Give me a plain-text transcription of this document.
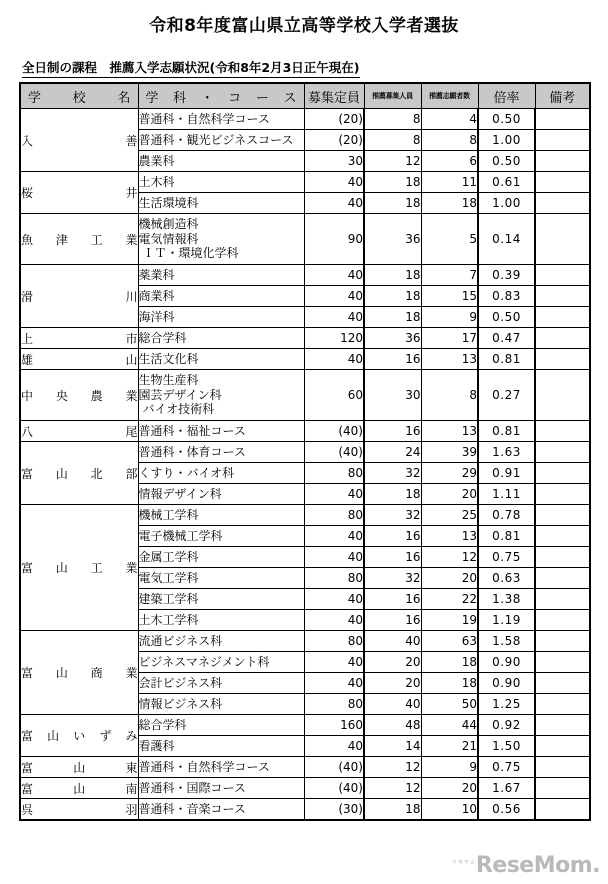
令和8年度富山県立高等学校入学者選抜
全日制の課程　推薦入学志願状況(令和8年2月3日正午現在)
学　　校　　名	学　科　・　コ　ー　ス	募集定員	推薦募集人員	推薦志願者数	倍率	備考

入　　　　善	普通科・自然科学コース	(20)	8	4	0.50	

	普通科・観光ビジネスコース	(20)	8	8	1.00	

	農業科	30	12	6	0.50	

桜　　　　井	土木科	40	18	11	0.61	

	生活環境科	40	18	18	1.00	

魚　津　工　業	機械創造科
電気情報科
ＩＴ・環境化学科	90	36	5	0.14	

滑　　　　川	薬業科	40	18	7	0.39	

	商業科	40	18	15	0.83	

	海洋科	40	18	9	0.50	

上　　　　市	総合学科	120	36	17	0.47	

雄　　　　山	生活文化科	40	16	13	0.81	

中　央　農　業	生物生産科
園芸デザイン科
バイオ技術科	60	30	8	0.27	

八　　　　尾	普通科・福祉コース	(40)	16	13	0.81	

富　山　北　部	普通科・体育コース	(40)	24	39	1.63	

	くすり・バイオ科	80	32	29	0.91	

	情報デザイン科	40	18	20	1.11	

富　山　工　業	機械工学科	80	32	25	0.78	

	電子機械工学科	40	16	13	0.81	

	金属工学科	40	16	12	0.75	

	電気工学科	80	32	20	0.63	

	建築工学科	40	16	22	1.38	

	土木工学科	40	16	19	1.19	

富　山　商　業	流通ビジネス科	80	40	63	1.58	

	ビジネスマネジメント科	40	20	18	0.90	

	会計ビジネス科	40	20	18	0.90	

	情報ビジネス科	80	40	50	1.25	

富　山　い　ず　み	総合学科	160	48	44	0.92	

	看護科	40	14	21	1.50	

富　　山　　東	普通科・自然科学コース	(40)	12	9	0.75	

富　　山　　南	普通科・国際コース	(40)	12	20	1.67	

呉　　　　羽	普通科・音楽コース	(30)	18	10	0.56	
$^{リセマム}$ReseMom.
